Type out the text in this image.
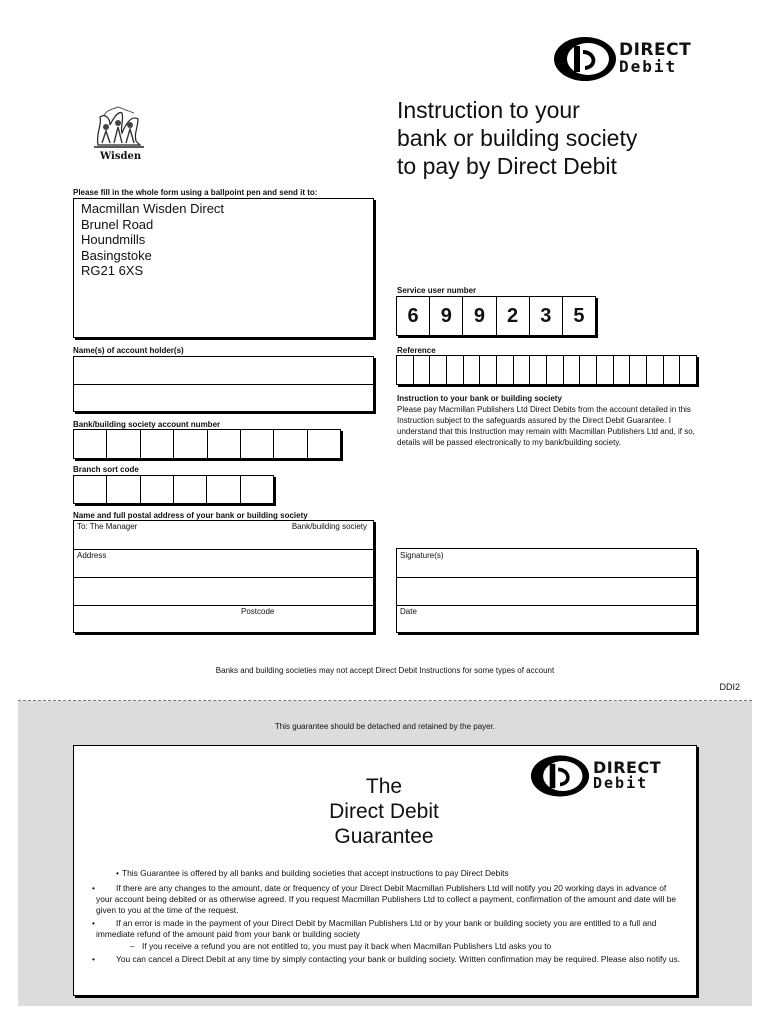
DIRECT
Debit
Wisden
Instruction to your
bank or building society
to pay by Direct Debit
Please fill in the whole form using a ballpoint pen and send it to:
Macmillan Wisden Direct
Brunel Road
Houndmills
Basingstoke
RG21 6XS
Service user number
6	9	9	2	3	5
Name(s) of account holder(s)	Reference
Instruction to your bank or building society
Please pay Macmillan Publishers Ltd Direct Debits from the account detailed in this Instruction subject to the safeguards assured by the Direct Debit Guarantee. I understand that this Instruction may remain with Macmillan Publishers Ltd and, if so, details will be passed electronically to my bank/building society.
Bank/building society account number
Branch sort code
Name and full postal address of your bank or building society
To: The Manager	Bank/building society
Address
Postcode
Signature(s)
Date
Banks and building societies may not accept Direct Debit Instructions for some types of account
DDI2
This guarantee should be detached and retained by the payer.
The
Direct Debit
Guarantee
DIRECT
Debit
• This Guarantee is offered by all banks and building societies that accept instructions to pay Direct Debits
•	If there are any changes to the amount, date or frequency of your Direct Debit Macmillan Publishers Ltd will notify you 20 working days in advance of your account being debited or as otherwise agreed. If you request Macmillan Publishers Ltd to collect a payment, confirmation of the amount and date will be given to you at the time of the request.
•	If an error is made in the payment of your Direct Debit by Macmillan Publishers Ltd or by your bank or building society you are entitled to a full and immediate refund of the amount paid from your bank or building society
– If you receive a refund you are not entitled to, you must pay it back when Macmillan Publishers Ltd asks you to
•	You can cancel a Direct Debit at any time by simply contacting your bank or building society. Written confirmation may be required. Please also notify us.
